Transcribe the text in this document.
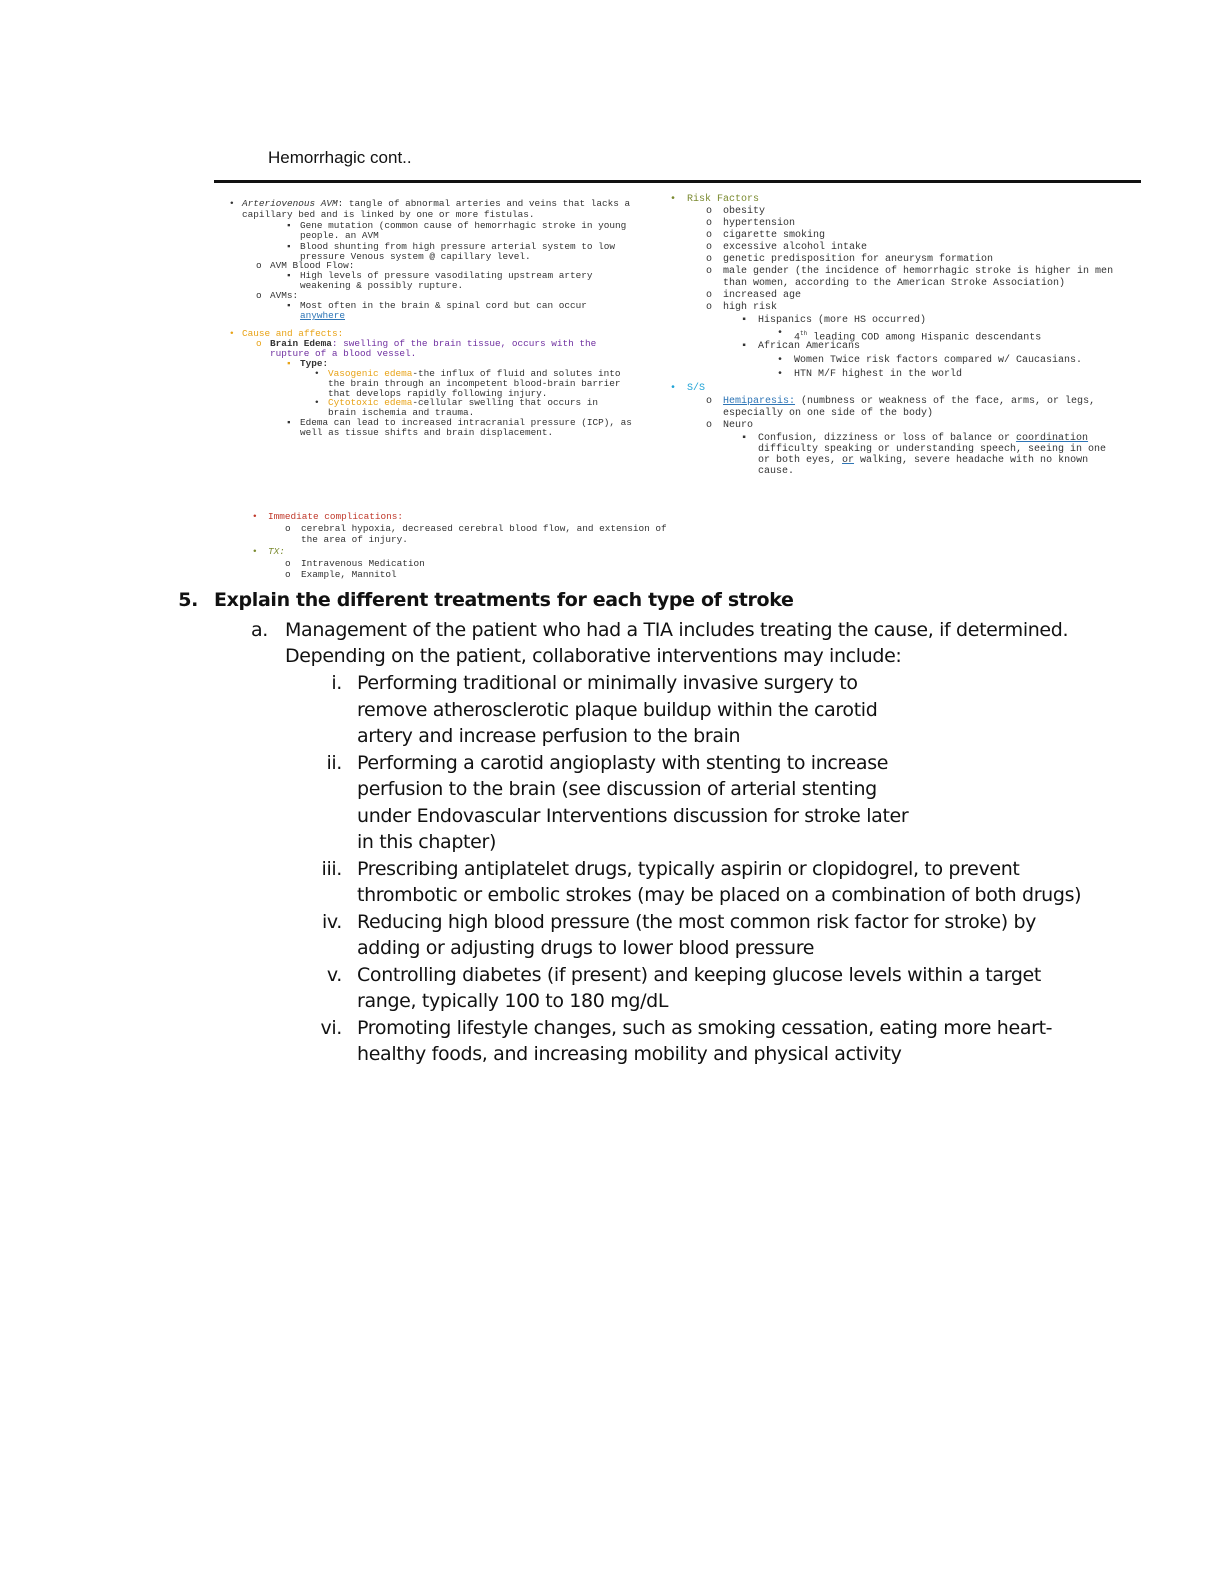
Hemorrhagic cont..
• Arteriovenous AVM: tangle of abnormal arteries and veins that lacks a
capillary bed and is linked by one or more fistulas.
▪ Gene mutation (common cause of hemorrhagic stroke in young
people. an AVM
▪ Blood shunting from high pressure arterial system to low
pressure Venous system @ capillary level.
o AVM Blood Flow:
▪ High levels of pressure vasodilating upstream artery
weakening & possibly rupture.
o AVMs:
▪ Most often in the brain & spinal cord but can occur
anywhere
• Cause and affects:
o Brain Edema: swelling of the brain tissue, occurs with the
rupture of a blood vessel.
▪ Type:
• Vasogenic edema-the influx of fluid and solutes into
the brain through an incompetent blood-brain barrier
that develops rapidly following injury.
• Cytotoxic edema-cellular swelling that occurs in
brain ischemia and trauma.
▪ Edema can lead to increased intracranial pressure (ICP), as
well as tissue shifts and brain displacement.
• Immediate complications:
o cerebral hypoxia, decreased cerebral blood flow, and extension of
the area of injury.
• TX:
o Intravenous Medication
o Example, Mannitol
• Risk Factors
o obesity
o hypertension
o cigarette smoking
o excessive alcohol intake
o genetic predisposition for aneurysm formation
o male gender (the incidence of hemorrhagic stroke is higher in men
than women, according to the American Stroke Association)
o increased age
o high risk
▪ Hispanics (more HS occurred)
• 4th leading COD among Hispanic descendants
▪ African Americans
• Women Twice risk factors compared w/ Caucasians.
• HTN M/F highest in the world
• S/S
o Hemiparesis: (numbness or weakness of the face, arms, or legs,
especially on one side of the body)
o Neuro
▪ Confusion, dizziness or loss of balance or coordination
difficulty speaking or understanding speech, seeing in one
or both eyes, or walking, severe headache with no known
cause.
5. Explain the different treatments for each type of stroke
a. Management of the patient who had a TIA includes treating the cause, if determined.
Depending on the patient, collaborative interventions may include:
i. Performing traditional or minimally invasive surgery to
remove atherosclerotic plaque buildup within the carotid
artery and increase perfusion to the brain
ii. Performing a carotid angioplasty with stenting to increase
perfusion to the brain (see discussion of arterial stenting
under Endovascular Interventions discussion for stroke later
in this chapter)
iii. Prescribing antiplatelet drugs, typically aspirin or clopidogrel, to prevent
thrombotic or embolic strokes (may be placed on a combination of both drugs)
iv. Reducing high blood pressure (the most common risk factor for stroke) by
adding or adjusting drugs to lower blood pressure
v. Controlling diabetes (if present) and keeping glucose levels within a target
range, typically 100 to 180 mg/dL
vi. Promoting lifestyle changes, such as smoking cessation, eating more heart-
healthy foods, and increasing mobility and physical activity
